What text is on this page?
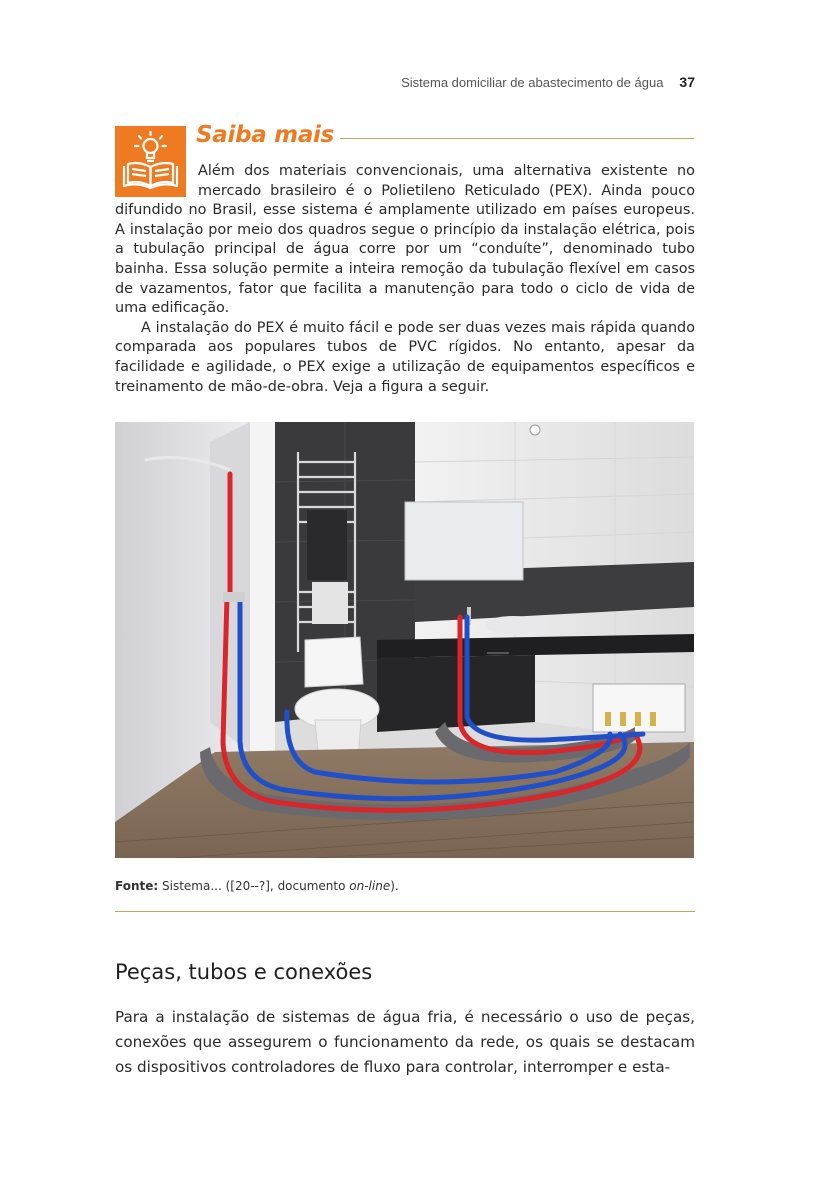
Sistema domiciliar de abastecimento de água 37
Saiba mais

Além dos materiais convencionais, uma alternativa existente no mercado brasileiro é o Polietileno Reticulado (PEX). Ainda pouco difundido no Brasil, esse sistema é amplamente utilizado em países europeus. A instalação por meio dos quadros segue o princípio da instalação elétrica, pois a tubulação principal de água corre por um “conduíte”, denominado tubo bainha. Essa solução permite a inteira remoção da tubulação flexível em casos de vazamentos, fator que facilita a manutenção para todo o ciclo de vida de uma edificação.

A instalação do PEX é muito fácil e pode ser duas vezes mais rápida quando comparada aos populares tubos de PVC rígidos. No entanto, apesar da facilidade e agilidade, o PEX exige a utilização de equipamentos específicos e treinamento de mão-de-obra. Veja a figura a seguir.

Fonte: Sistema... ([20--?], documento on-line).
Peças, tubos e conexões

Para a instalação de sistemas de água fria, é necessário o uso de peças, conexões que assegurem o funcionamento da rede, os quais se destacam os dispositivos controladores de fluxo para controlar, interromper e esta-
